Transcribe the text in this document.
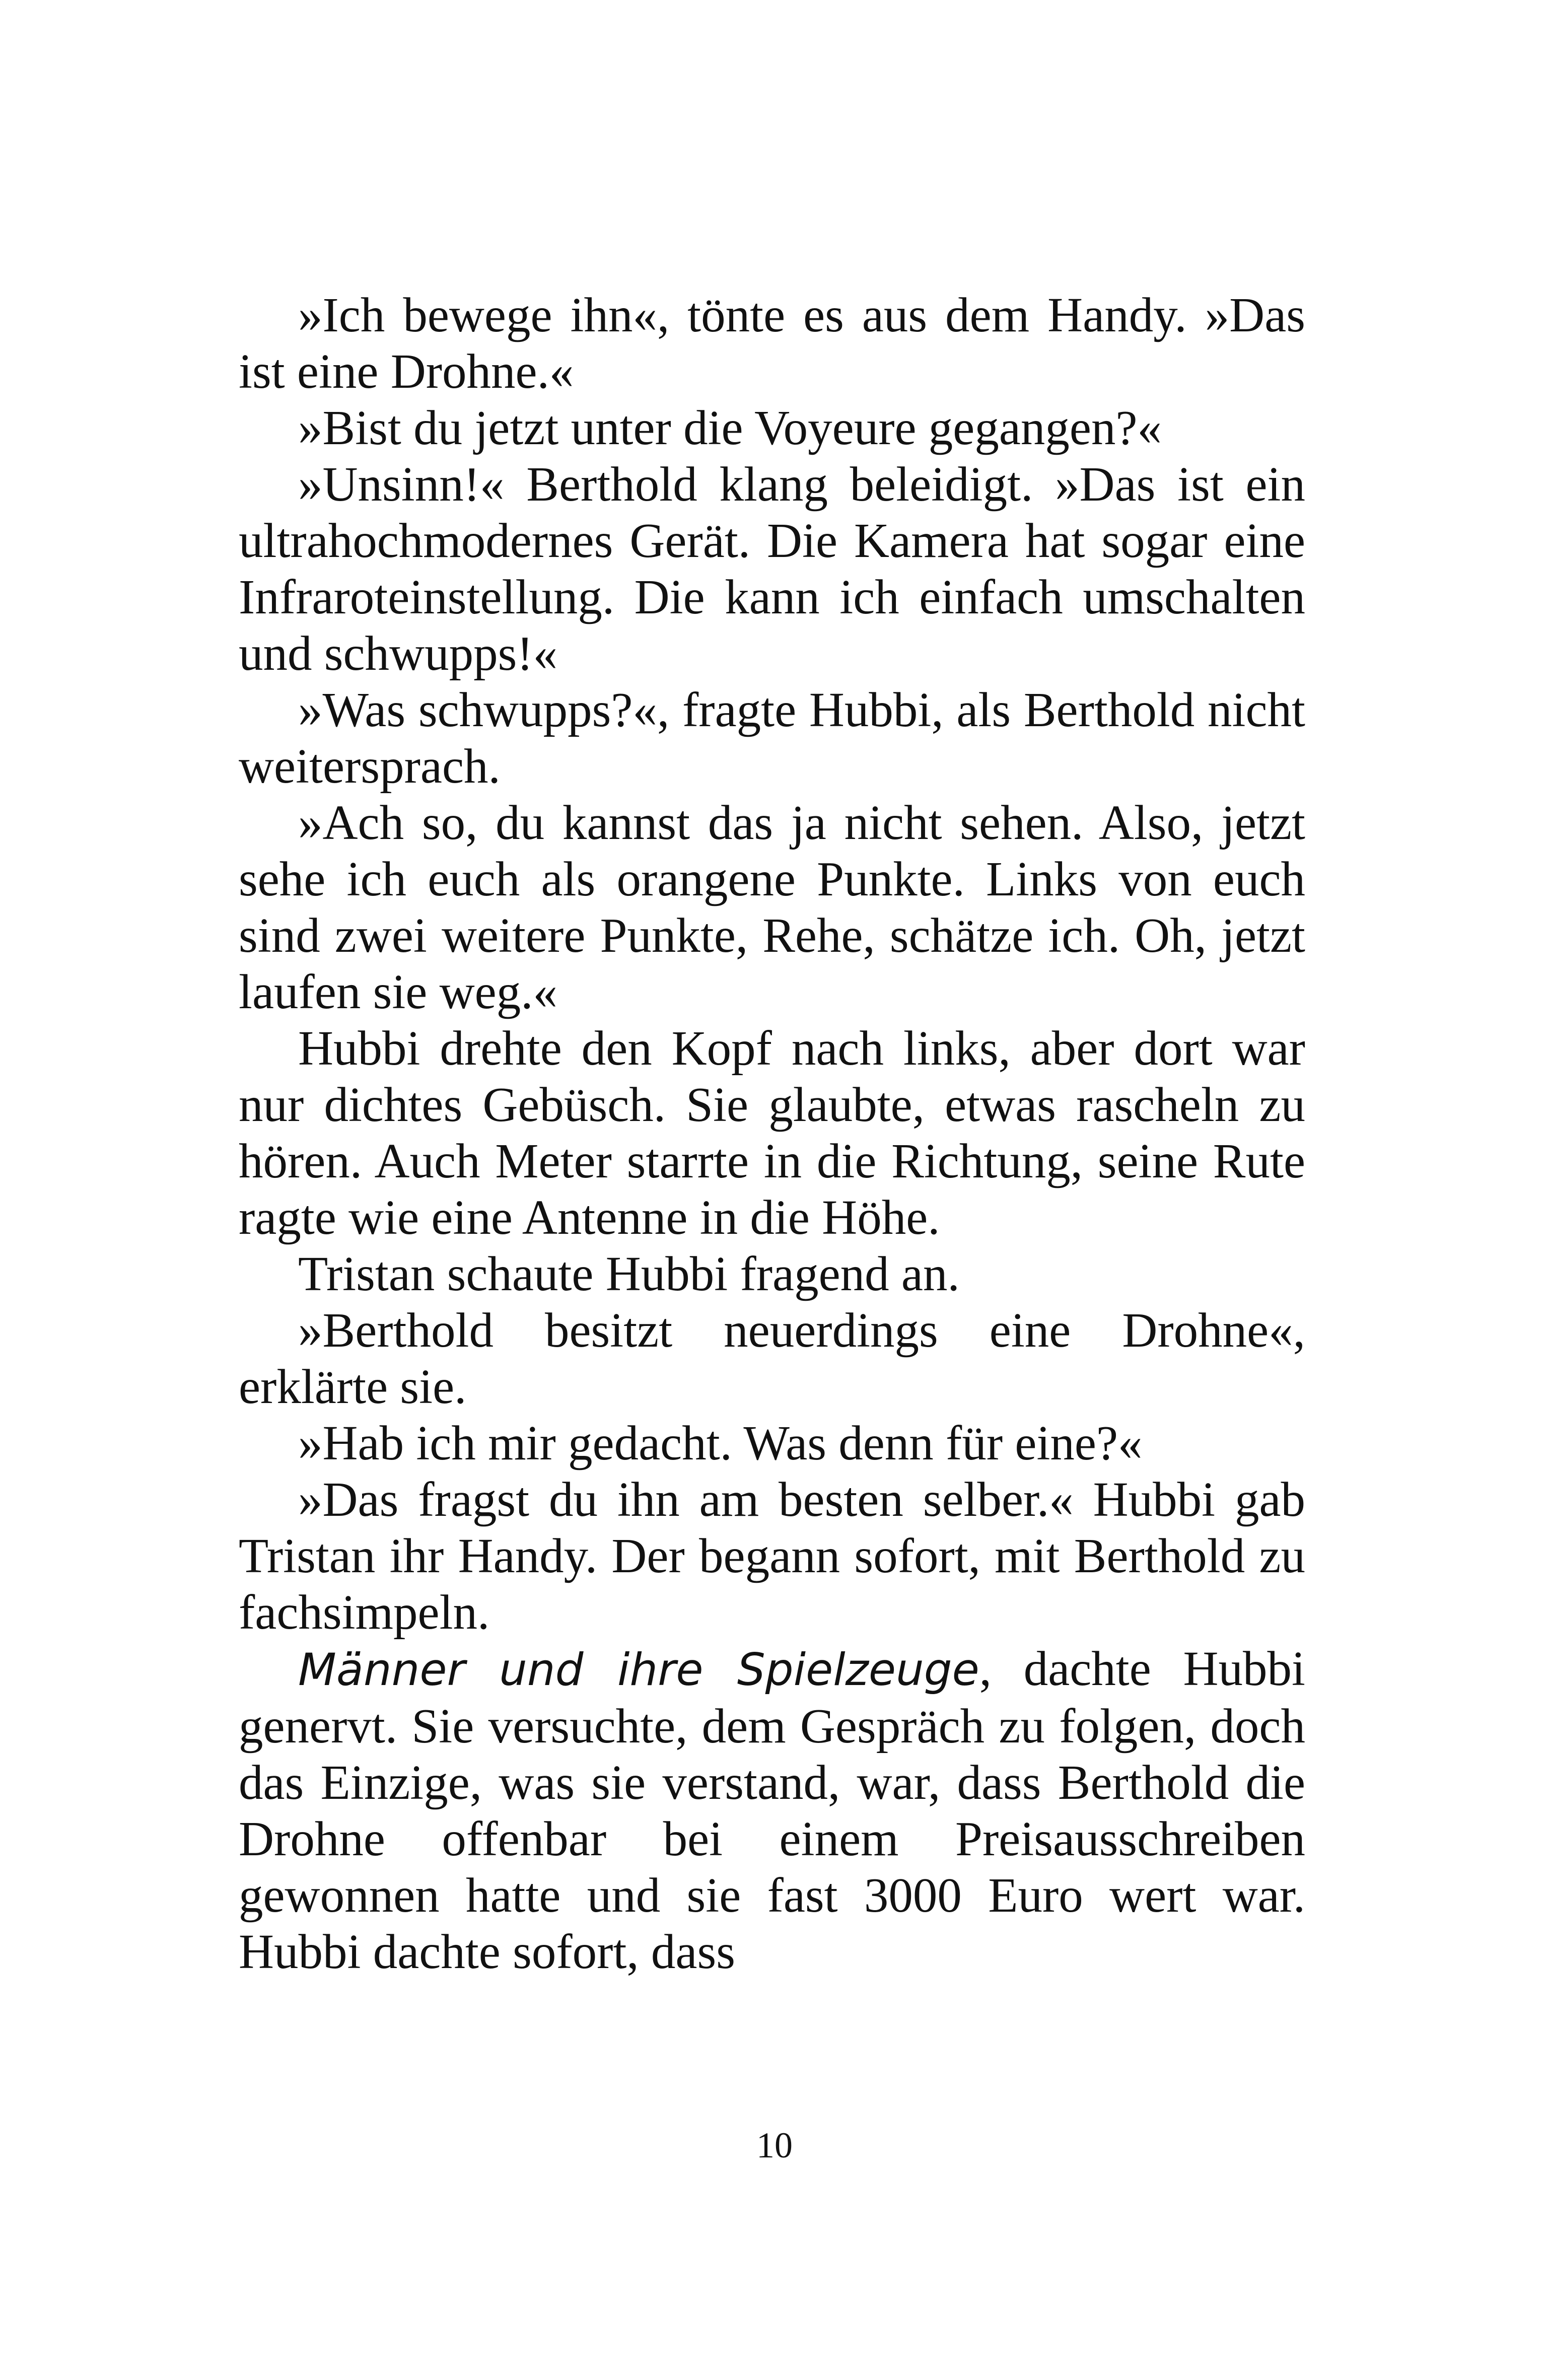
»Ich bewege ihn«, tönte es aus dem Handy. »Das ist eine Drohne.«

»Bist du jetzt unter die Voyeure gegangen?«

»Unsinn!« Berthold klang beleidigt. »Das ist ein ultrahochmodernes Gerät. Die Kamera hat sogar eine Infraroteinstellung. Die kann ich einfach umschalten und schwupps!«

»Was schwupps?«, fragte Hubbi, als Berthold nicht weitersprach.

»Ach so, du kannst das ja nicht sehen. Also, jetzt sehe ich euch als orangene Punkte. Links von euch sind zwei weitere Punkte, Rehe, schätze ich. Oh, jetzt laufen sie weg.«

Hubbi drehte den Kopf nach links, aber dort war nur dichtes Gebüsch. Sie glaubte, etwas rascheln zu hören. Auch Meter starrte in die Richtung, seine Rute ragte wie eine Antenne in die Höhe.

Tristan schaute Hubbi fragend an.

»Berthold besitzt neuerdings eine Drohne«, erklärte sie.

»Hab ich mir gedacht. Was denn für eine?«

»Das fragst du ihn am besten selber.« Hubbi gab Tristan ihr Handy. Der begann sofort, mit Berthold zu fachsimpeln.

Männer und ihre Spielzeuge, dachte Hubbi genervt. Sie versuchte, dem Gespräch zu folgen, doch das Einzige, was sie verstand, war, dass Berthold die Drohne offenbar bei einem Preisausschreiben gewonnen hatte und sie fast 3000 Euro wert war. Hubbi dachte sofort, dass

10
